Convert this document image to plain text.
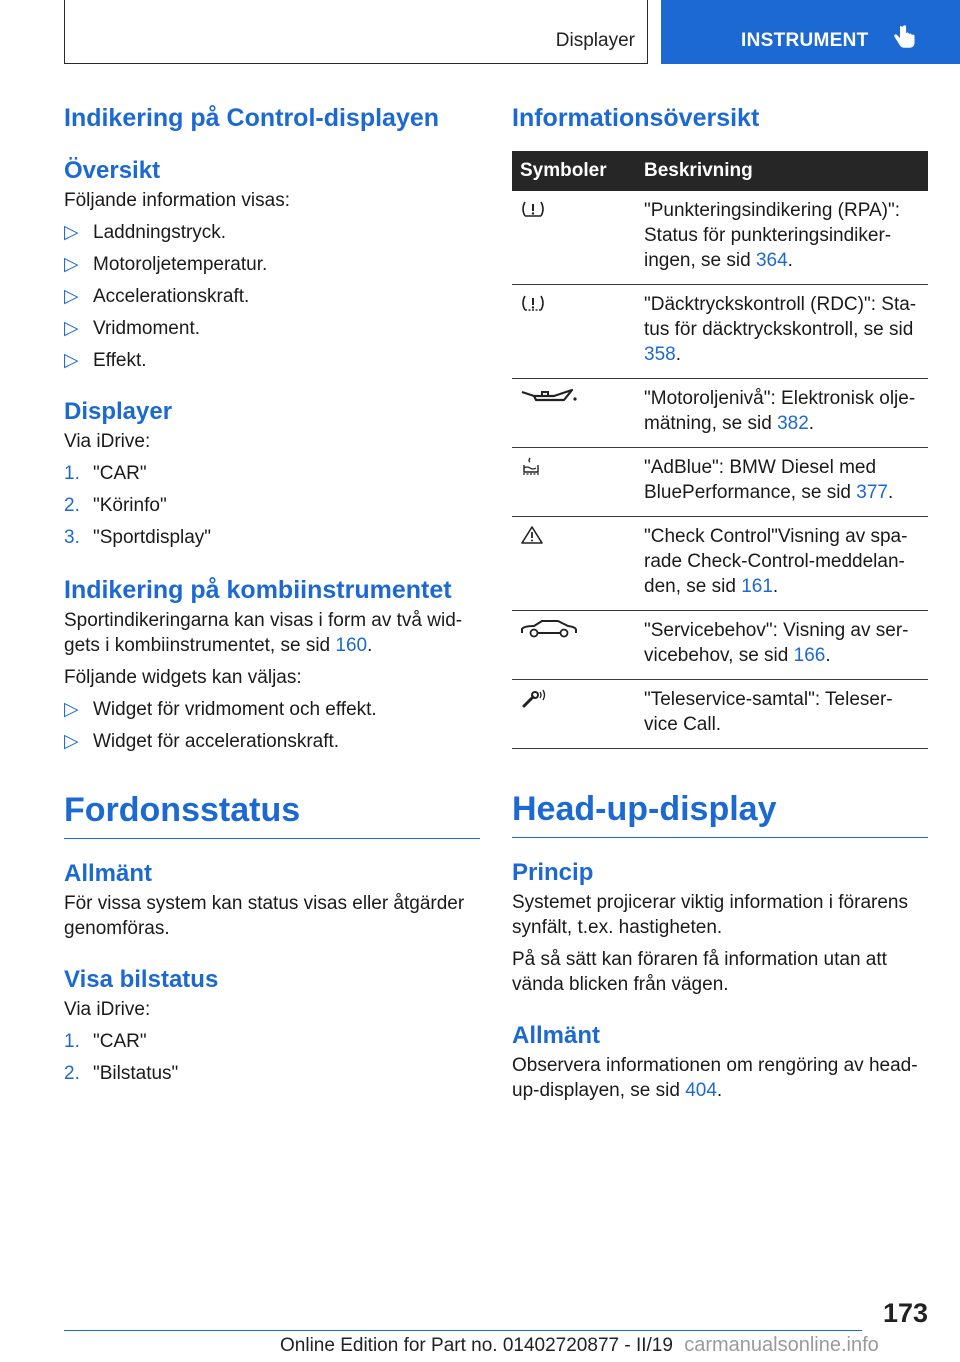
Displayer	INSTRUMENT
Indikering på Control-displayen
Översikt

Följande information visas:

▷ Laddningstryck.
▷ Motoroljetemperatur.
▷ Accelerationskraft.
▷ Vridmoment.
▷ Effekt.
Displayer

Via iDrive:

1. "CAR"
2. "Körinfo"
3. "Sportdisplay"
Indikering på kombiinstrumentet

Sportindikeringarna kan visas i form av två wid-gets i kombiinstrumentet, se sid 160.

Följande widgets kan väljas:

▷ Widget för vridmoment och effekt.
▷ Widget för accelerationskraft.
Fordonsstatus
Allmänt

För vissa system kan status visas eller åtgärder genomföras.

Visa bilstatus

Via iDrive:

1. "CAR"
2. "Bilstatus"
Informationsöversikt
Symboler	Beskrivning
	"Punkteringsindikering (RPA)": Status för punkteringsindiker-ingen, se sid 364.
	"Däcktryckskontroll (RDC)": Sta-tus för däcktryckskontroll, se sid 358.
	"Motoroljenivå": Elektronisk olje-mätning, se sid 382.
	"AdBlue": BMW Diesel med BluePerformance, se sid 377.
	"Check Control"Visning av spa-rade Check-Control-meddelan-den, se sid 161.
	"Servicebehov": Visning av ser-vicebehov, se sid 166.
	"Teleservice-samtal": Teleser-vice Call.
Head-up-display
Princip

Systemet projicerar viktig information i förarens synfält, t.ex. hastigheten.

På så sätt kan föraren få information utan att vända blicken från vägen.

Allmänt

Observera informationen om rengöring av head-up-displayen, se sid 404.

173
Online Edition for Part no. 01402720877 - II/19 carmanualsonline.info
